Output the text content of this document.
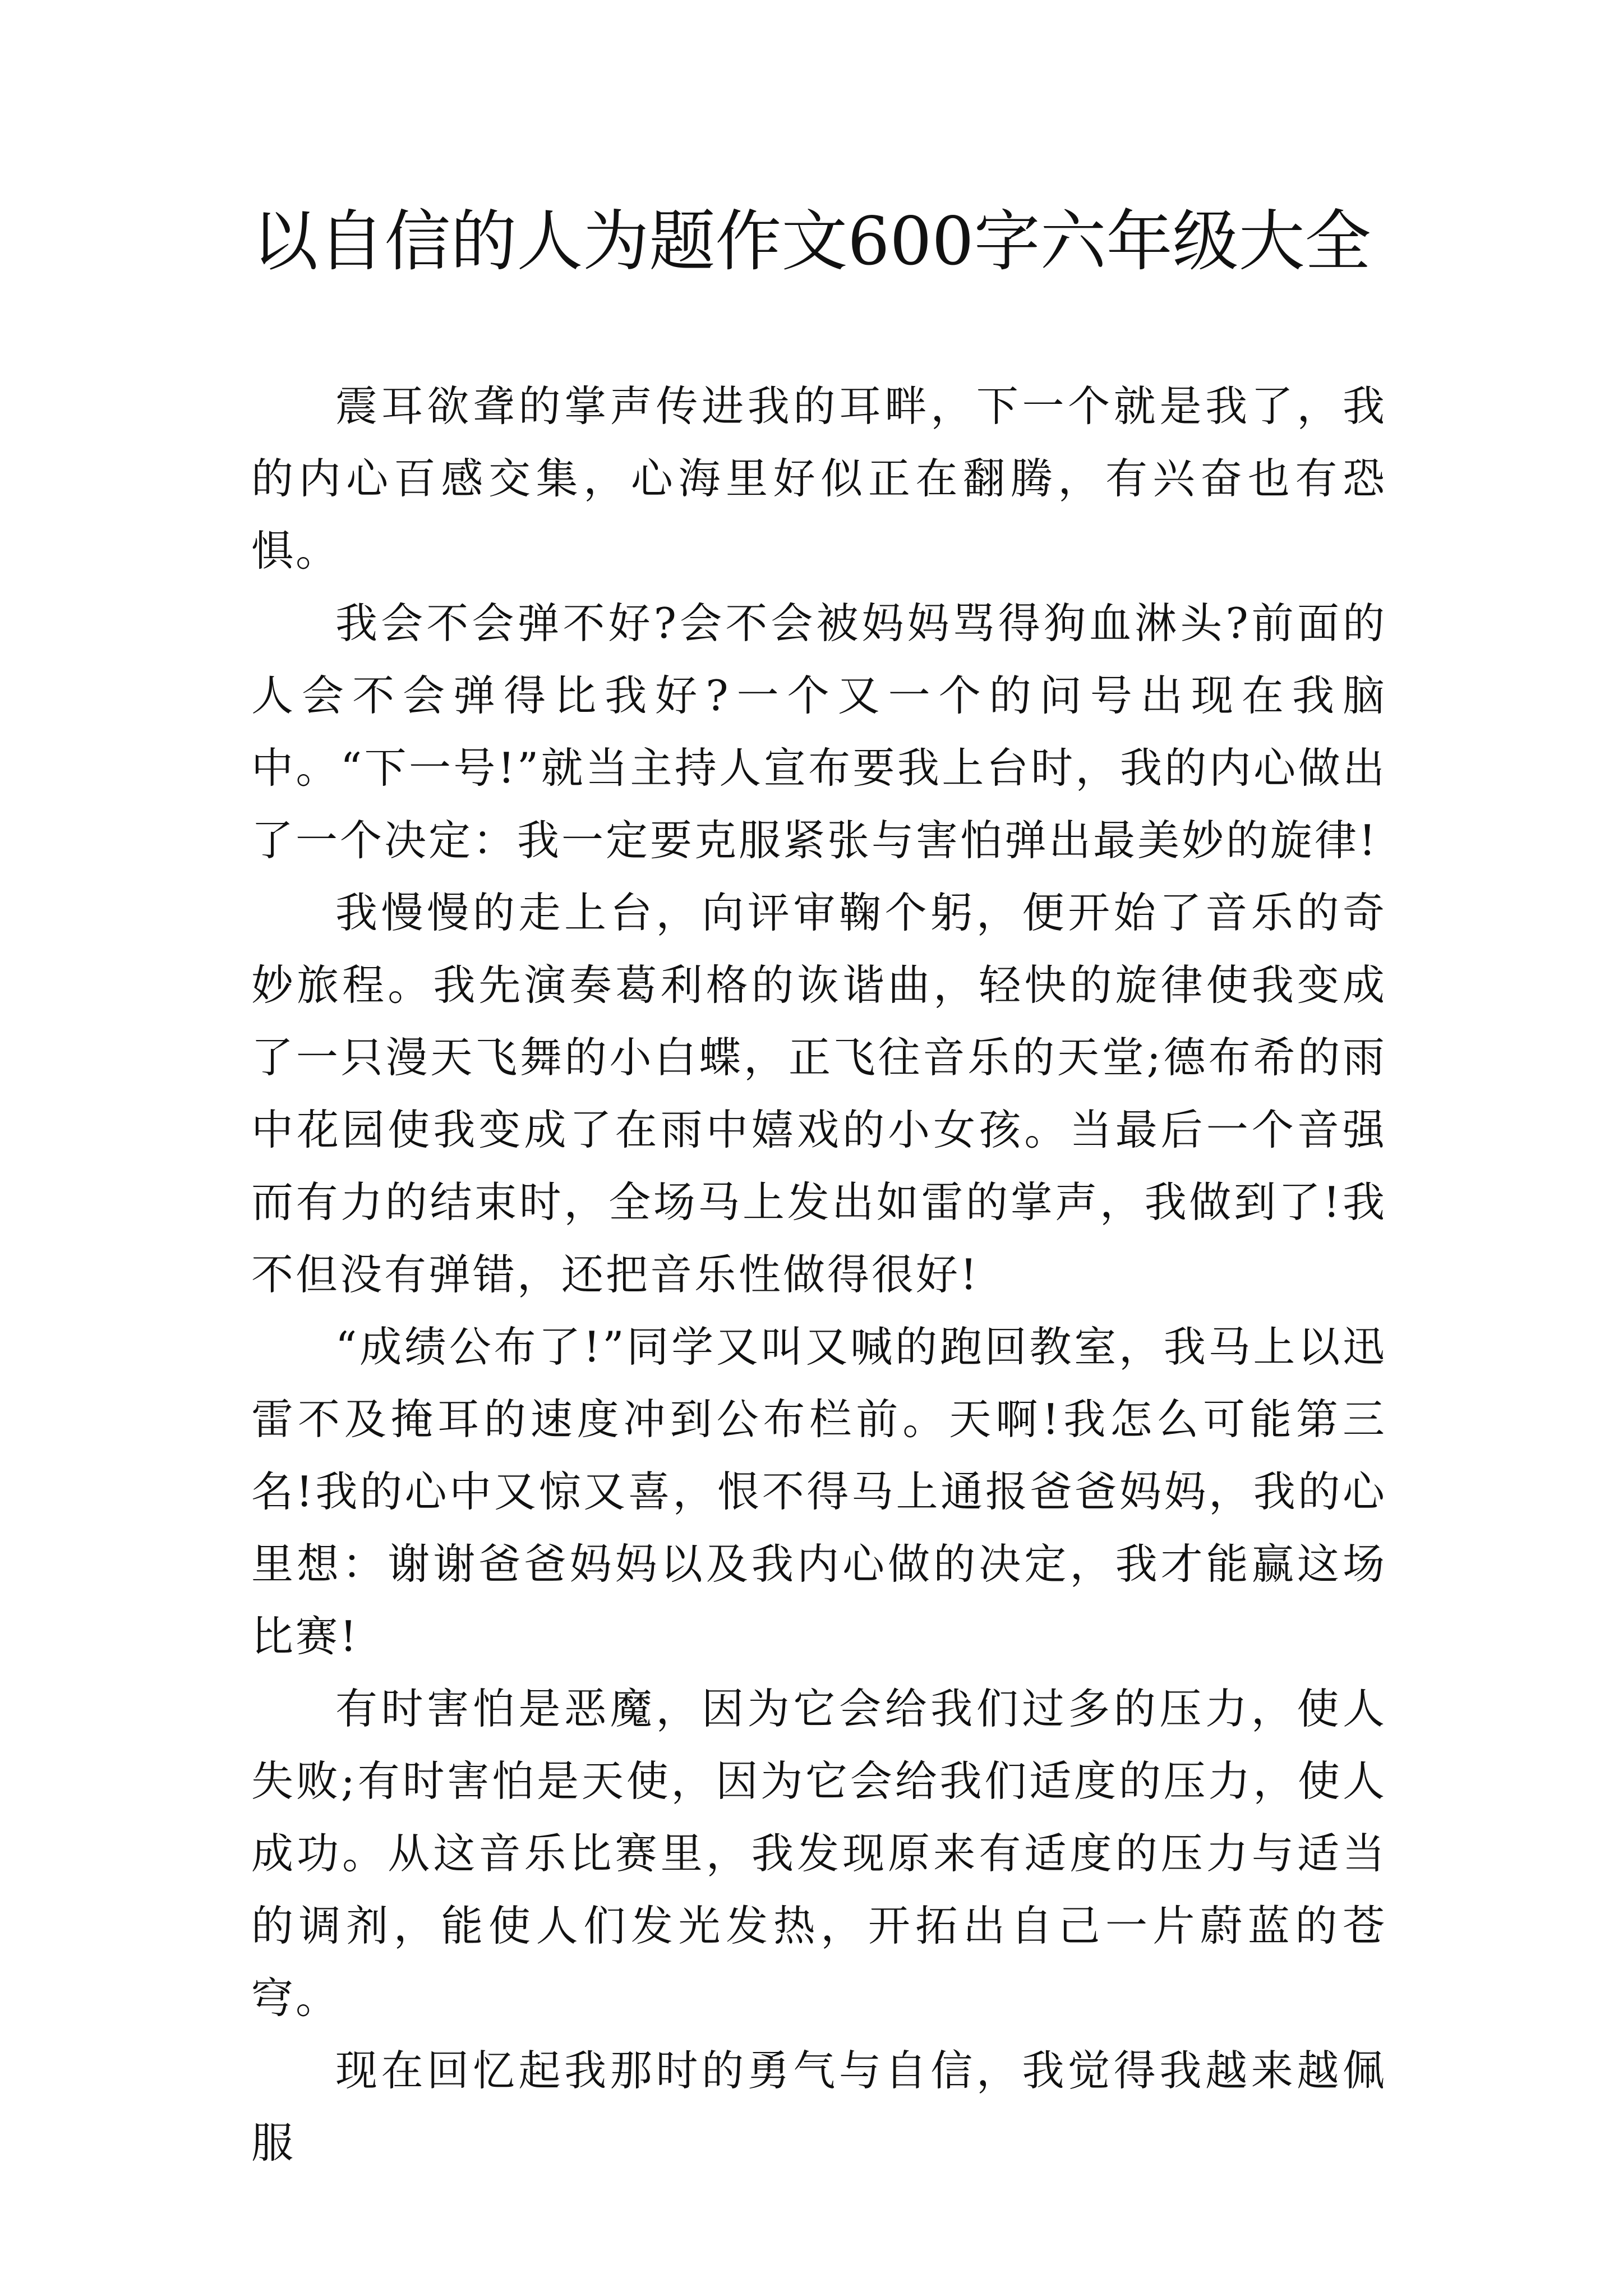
以自信的人为题作文600字六年级大全

震耳欲聋的掌声传进我的耳畔，下一个就是我了，我的内心百感交集，心海里好似正在翻腾，有兴奋也有恐惧。

我会不会弹不好?会不会被妈妈骂得狗血淋头?前面的人会不会弹得比我好?一个又一个的问号出现在我脑中。“下一号!”就当主持人宣布要我上台时，我的内心做出了一个决定：我一定要克服紧张与害怕弹出最美妙的旋律!

我慢慢的走上台，向评审鞠个躬，便开始了音乐的奇妙旅程。我先演奏葛利格的诙谐曲，轻快的旋律使我变成了一只漫天飞舞的小白蝶，正飞往音乐的天堂;德布希的雨中花园使我变成了在雨中嬉戏的小女孩。当最后一个音强而有力的结束时，全场马上发出如雷的掌声，我做到了!我不但没有弹错，还把音乐性做得很好!

“成绩公布了!”同学又叫又喊的跑回教室，我马上以迅雷不及掩耳的速度冲到公布栏前。天啊!我怎么可能第三名!我的心中又惊又喜，恨不得马上通报爸爸妈妈，我的心里想：谢谢爸爸妈妈以及我内心做的决定，我才能赢这场比赛!

有时害怕是恶魔，因为它会给我们过多的压力，使人失败;有时害怕是天使，因为它会给我们适度的压力，使人成功。从这音乐比赛里，我发现原来有适度的压力与适当的调剂，能使人们发光发热，开拓出自己一片蔚蓝的苍穹。

现在回忆起我那时的勇气与自信，我觉得我越来越佩服
